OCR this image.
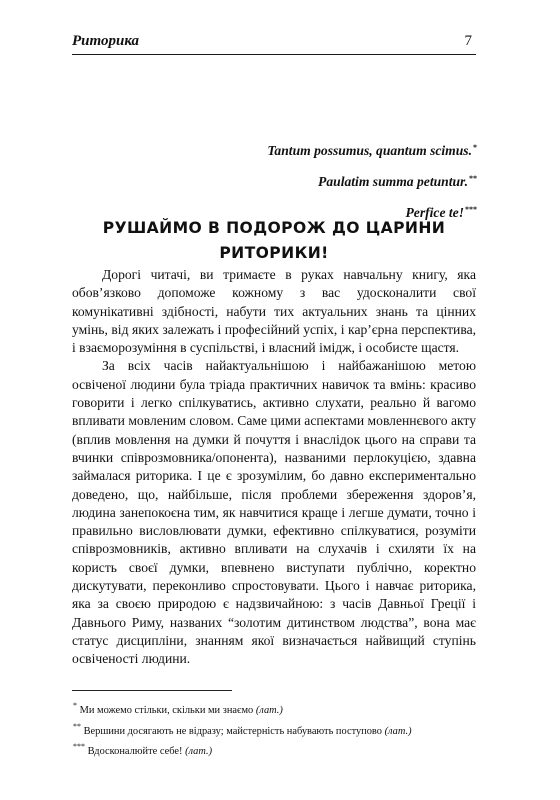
Риторика	7
Tantum possumus, quantum scimus.*
Paulatim summa petuntur.**
Perfice te!***
РУШАЙМО В ПОДОРОЖ ДО ЦАРИНИ
РИТОРИКИ!

Дорогі читачі, ви тримаєте в руках навчальну книгу, яка обов’язково допоможе кожному з вас удосконалити свої комунікативні здібності, набути тих актуальних знань та цінних умінь, від яких залежать і професійний успіх, і кар’єрна перспектива, і взаєморозуміння в суспільстві, і власний імідж, і особисте щастя.

За всіх часів найактуальнішою і найбажанішою метою освіченої людини була тріада практичних навичок та вмінь: красиво говорити і легко спілкуватись, активно слухати, реально й вагомо впливати мовленим словом. Саме цими аспектами мовленнєвого акту (вплив мовлення на думки й почуття і внаслідок цього на справи та вчинки співрозмовника/опонента), названими перлокуцією, здавна займалася риторика. І це є зрозумілим, бо давно експериментально доведено, що, найбільше, після проблеми збереження здоров’я, людина занепокоєна тим, як навчитися краще і легше думати, точно і правильно висловлювати думки, ефективно спілкуватися, розуміти співрозмовників, активно впливати на слухачів і схиляти їх на користь своєї думки, впевнено виступати публічно, коректно дискутувати, переконливо спростовувати. Цього і навчає риторика, яка за своєю природою є надзвичайною: з часів Давньої Греції і Давнього Риму, названих “золотим дитинством людства”, вона має статус дисципліни, знанням якої визначається найвищий ступінь освіченості людини.

* Ми можемо стільки, скільки ми знаємо (лат.)
** Вершини досягають не відразу; майстерність набувають поступово (лат.)
*** Вдосконалюйте себе! (лат.)
